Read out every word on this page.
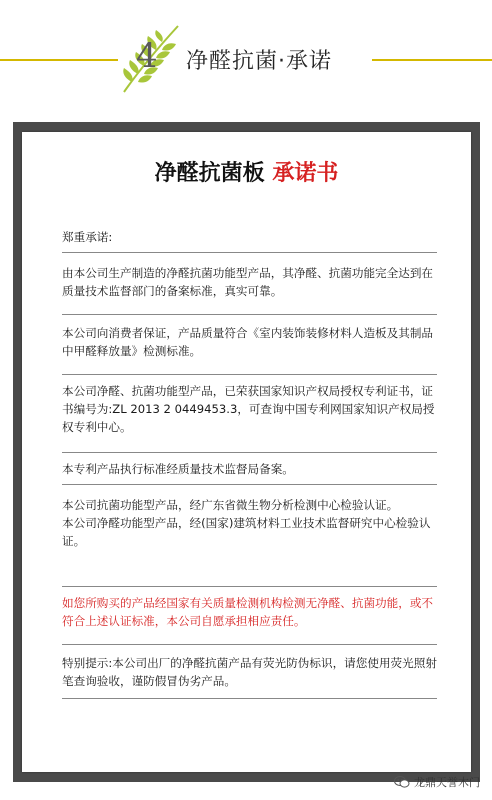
4 净醛抗菌·承诺
净醛抗菌板 承诺书
郑重承诺:
由本公司生产制造的净醛抗菌功能型产品，其净醛、抗菌功能完全达到在质量技术监督部门的备案标准，真实可靠。
本公司向消费者保证，产品质量符合《室内装饰装修材料人造板及其制品中甲醛释放量》检测标准。
本公司净醛、抗菌功能型产品，已荣获国家知识产权局授权专利证书，证书编号为:ZL 2013 2 0449453.3，可查询中国专利网国家知识产权局授权专利中心。
本专利产品执行标准经质量技术监督局备案。
本公司抗菌功能型产品，经广东省微生物分析检测中心检验认证。
本公司净醛功能型产品，经(国家)建筑材料工业技术监督研究中心检验认证。
如您所购买的产品经国家有关质量检测机构检测无净醛、抗菌功能，或不符合上述认证标准，本公司自愿承担相应责任。
特别提示:本公司出厂的净醛抗菌产品有荧光防伪标识，请您使用荧光照射笔查询验收，谨防假冒伪劣产品。
龙鼎天誉木门
